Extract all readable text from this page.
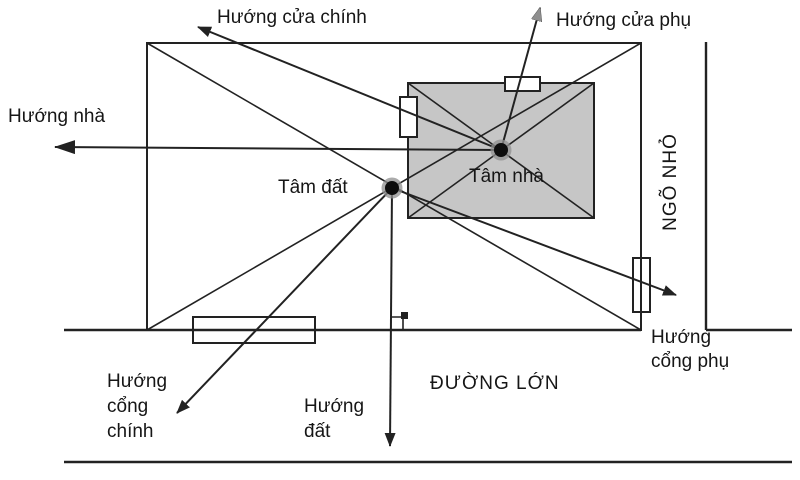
Hướng cửa chính	Hướng cửa phụ
Hướng nhà
Tâm đất
Tâm nhà	NGÕ NHỎ
Hướng cổng phụ
ĐƯỜNG LỚN
Hướng cổng chính
Hướng đất
